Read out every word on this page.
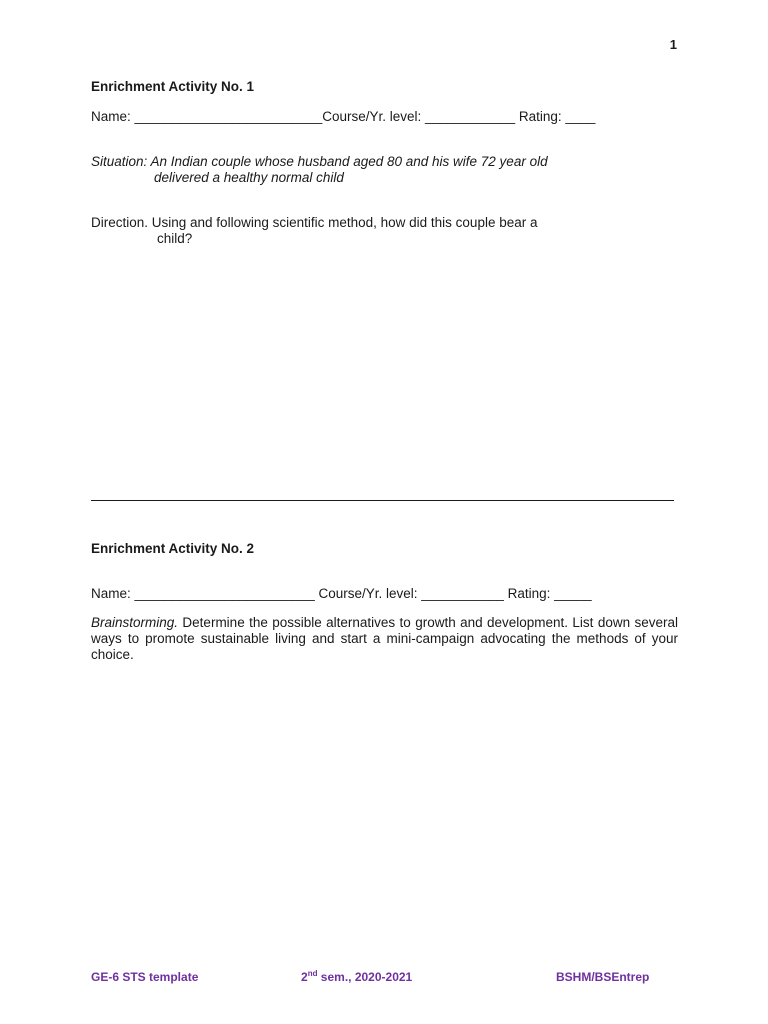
1
Enrichment Activity No. 1
Name: _________________________Course/Yr. level: ____________ Rating: ____
Situation: An Indian couple whose husband aged 80 and his wife 72 year old
delivered a healthy normal child
Direction. Using and following scientific method, how did this couple bear a
child?
Enrichment Activity No. 2
Name: ________________________ Course/Yr. level: ___________ Rating: _____
Brainstorming. Determine the possible alternatives to growth and development. List down several ways to promote sustainable living and start a mini-campaign advocating the methods of your choice.
GE-6 STS template	2nd sem., 2020-2021	BSHM/BSEntrep
